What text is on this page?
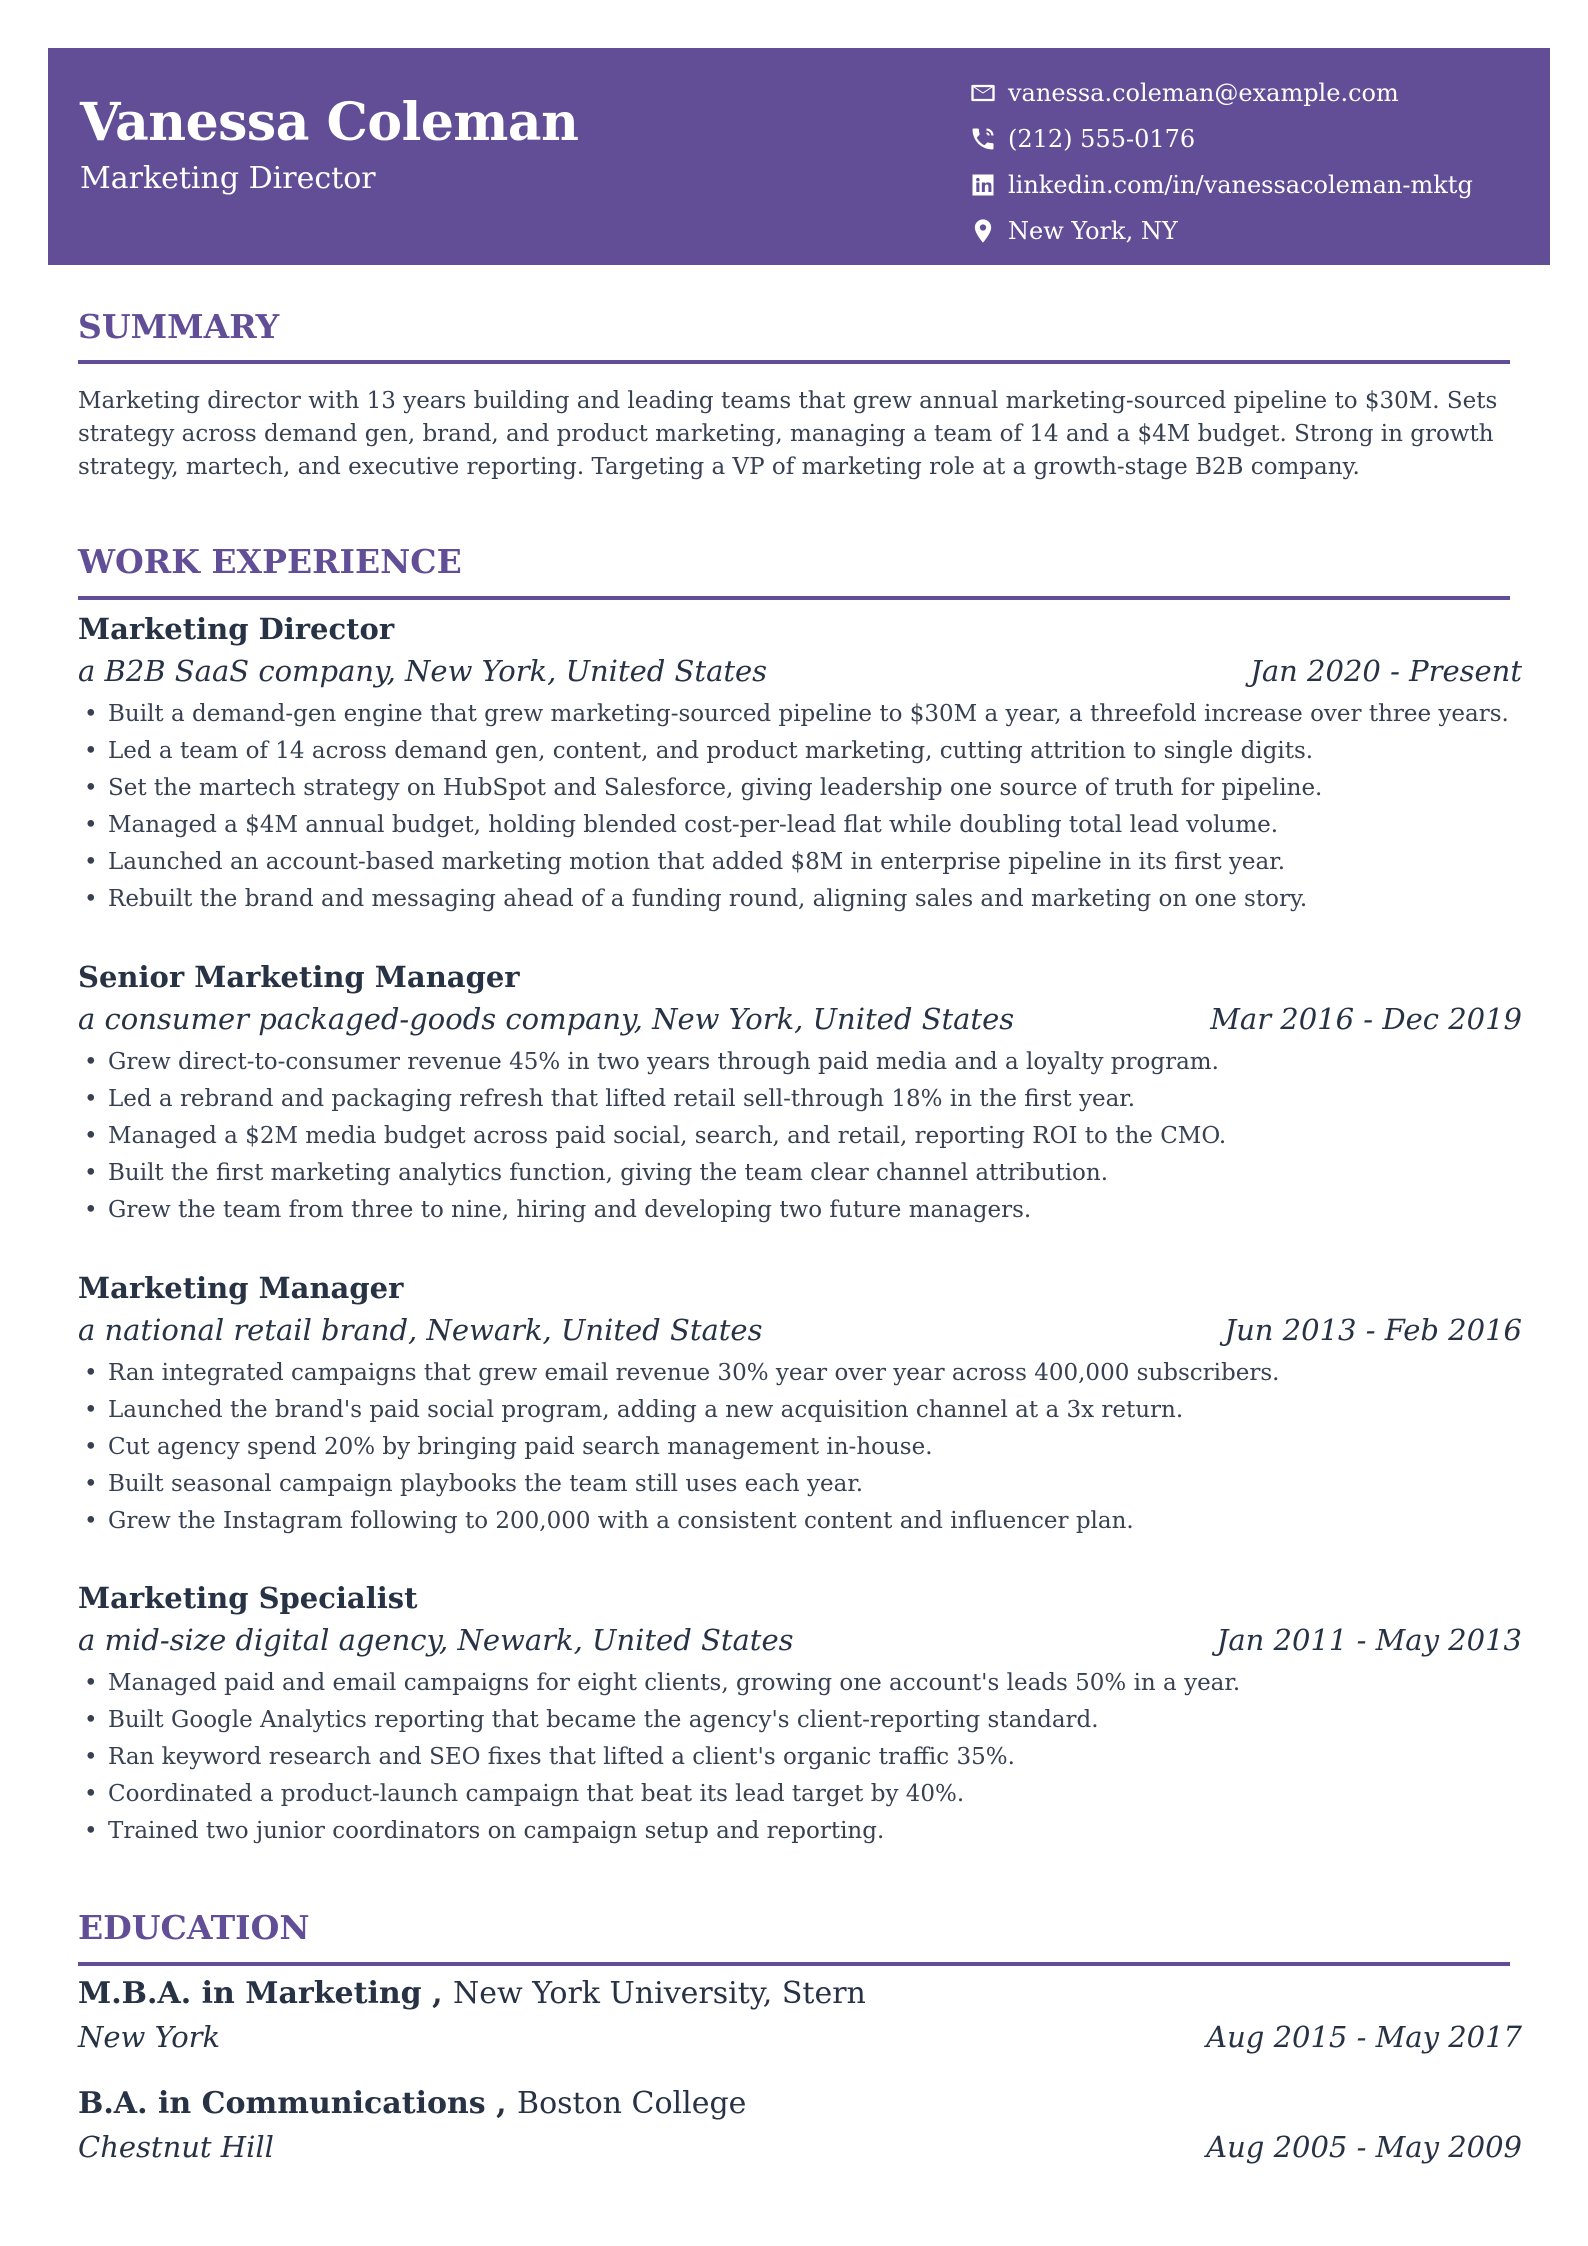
Vanessa Coleman
Marketing Director
vanessa.coleman@example.com
(212) 555-0176
linkedin.com/in/vanessacoleman-mktg
New York, NY
SUMMARY
Marketing director with 13 years building and leading teams that grew annual marketing-sourced pipeline to $30M. Sets strategy across demand gen, brand, and product marketing, managing a team of 14 and a $4M budget. Strong in growth strategy, martech, and executive reporting. Targeting a VP of marketing role at a growth-stage B2B company.
WORK EXPERIENCE
Marketing Director
a B2B SaaS company, New York, United States	Jan 2020 - Present
• Built a demand-gen engine that grew marketing-sourced pipeline to $30M a year, a threefold increase over three years.
• Led a team of 14 across demand gen, content, and product marketing, cutting attrition to single digits.
• Set the martech strategy on HubSpot and Salesforce, giving leadership one source of truth for pipeline.
• Managed a $4M annual budget, holding blended cost-per-lead flat while doubling total lead volume.
• Launched an account-based marketing motion that added $8M in enterprise pipeline in its first year.
• Rebuilt the brand and messaging ahead of a funding round, aligning sales and marketing on one story.
Senior Marketing Manager
a consumer packaged-goods company, New York, United States	Mar 2016 - Dec 2019
• Grew direct-to-consumer revenue 45% in two years through paid media and a loyalty program.
• Led a rebrand and packaging refresh that lifted retail sell-through 18% in the first year.
• Managed a $2M media budget across paid social, search, and retail, reporting ROI to the CMO.
• Built the first marketing analytics function, giving the team clear channel attribution.
• Grew the team from three to nine, hiring and developing two future managers.
Marketing Manager
a national retail brand, Newark, United States	Jun 2013 - Feb 2016
• Ran integrated campaigns that grew email revenue 30% year over year across 400,000 subscribers.
• Launched the brand's paid social program, adding a new acquisition channel at a 3x return.
• Cut agency spend 20% by bringing paid search management in-house.
• Built seasonal campaign playbooks the team still uses each year.
• Grew the Instagram following to 200,000 with a consistent content and influencer plan.
Marketing Specialist
a mid-size digital agency, Newark, United States	Jan 2011 - May 2013
• Managed paid and email campaigns for eight clients, growing one account's leads 50% in a year.
• Built Google Analytics reporting that became the agency's client-reporting standard.
• Ran keyword research and SEO fixes that lifted a client's organic traffic 35%.
• Coordinated a product-launch campaign that beat its lead target by 40%.
• Trained two junior coordinators on campaign setup and reporting.
EDUCATION
M.B.A. in Marketing , New York University, Stern
New York	Aug 2015 - May 2017
B.A. in Communications , Boston College
Chestnut Hill	Aug 2005 - May 2009
